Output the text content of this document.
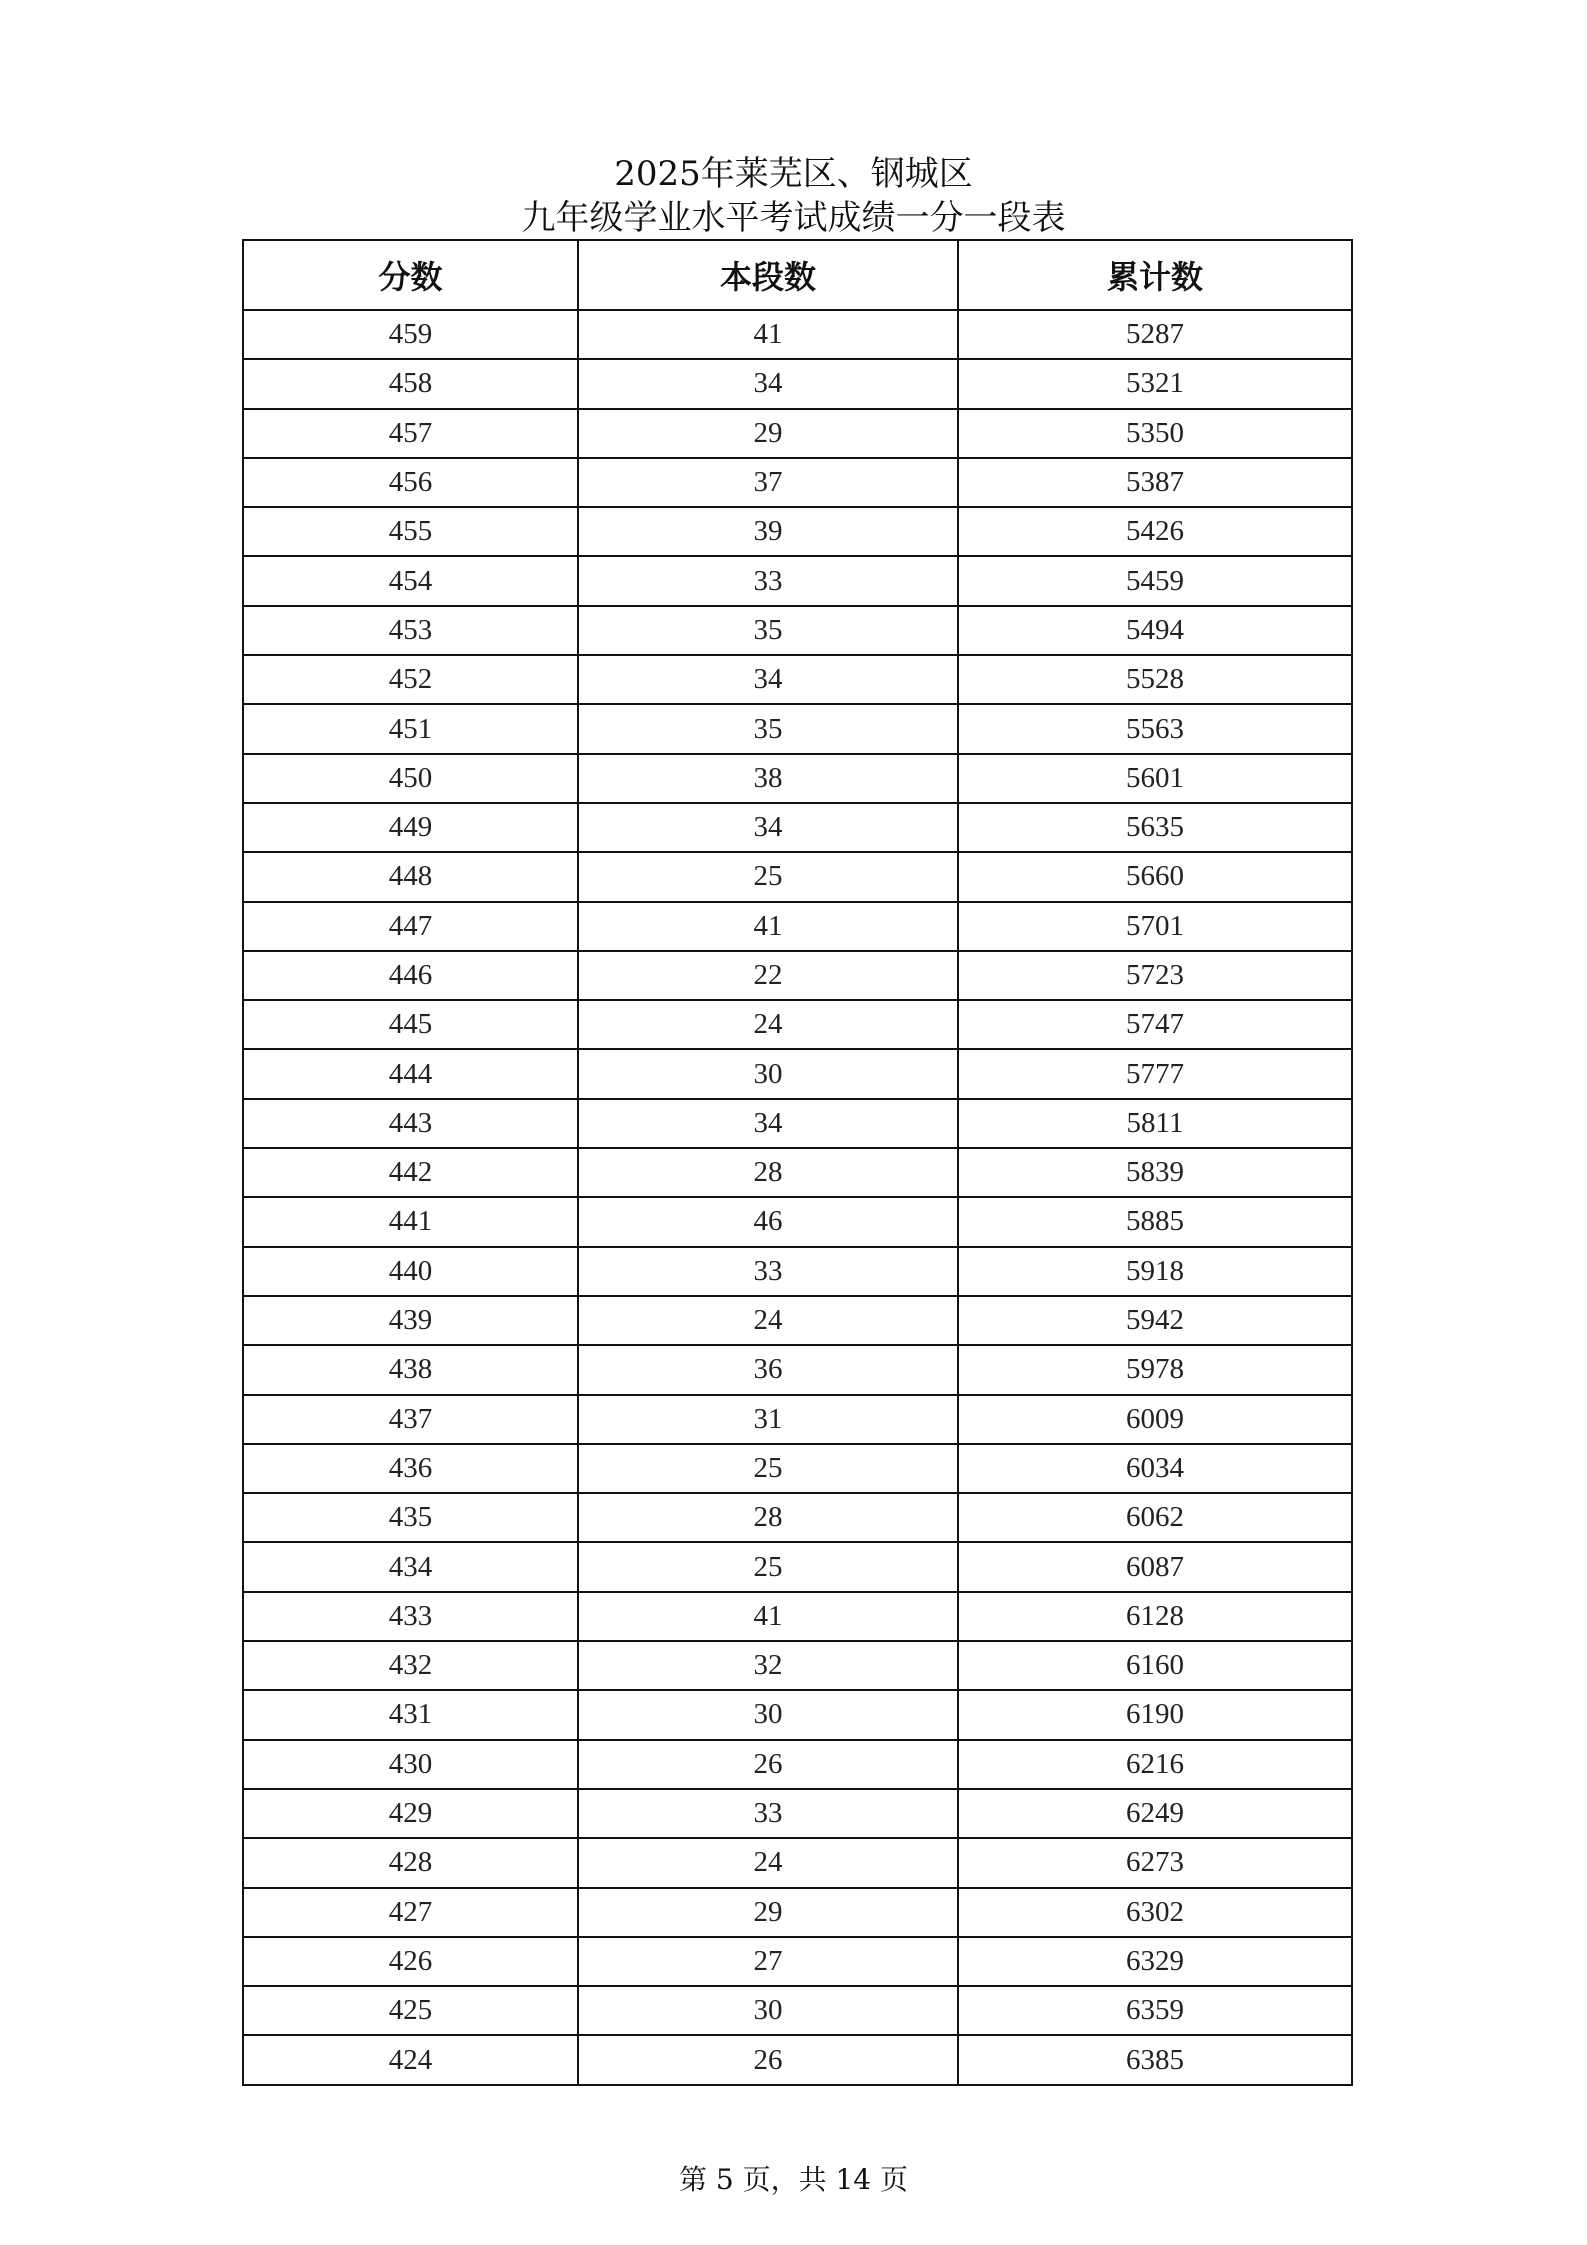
2025年莱芜区、钢城区
九年级学业水平考试成绩一分一段表
分数	本段数	累计数
459	41	5287
458	34	5321
457	29	5350
456	37	5387
455	39	5426
454	33	5459
453	35	5494
452	34	5528
451	35	5563
450	38	5601
449	34	5635
448	25	5660
447	41	5701
446	22	5723
445	24	5747
444	30	5777
443	34	5811
442	28	5839
441	46	5885
440	33	5918
439	24	5942
438	36	5978
437	31	6009
436	25	6034
435	28	6062
434	25	6087
433	41	6128
432	32	6160
431	30	6190
430	26	6216
429	33	6249
428	24	6273
427	29	6302
426	27	6329
425	30	6359
424	26	6385
第 5 页，共 14 页
